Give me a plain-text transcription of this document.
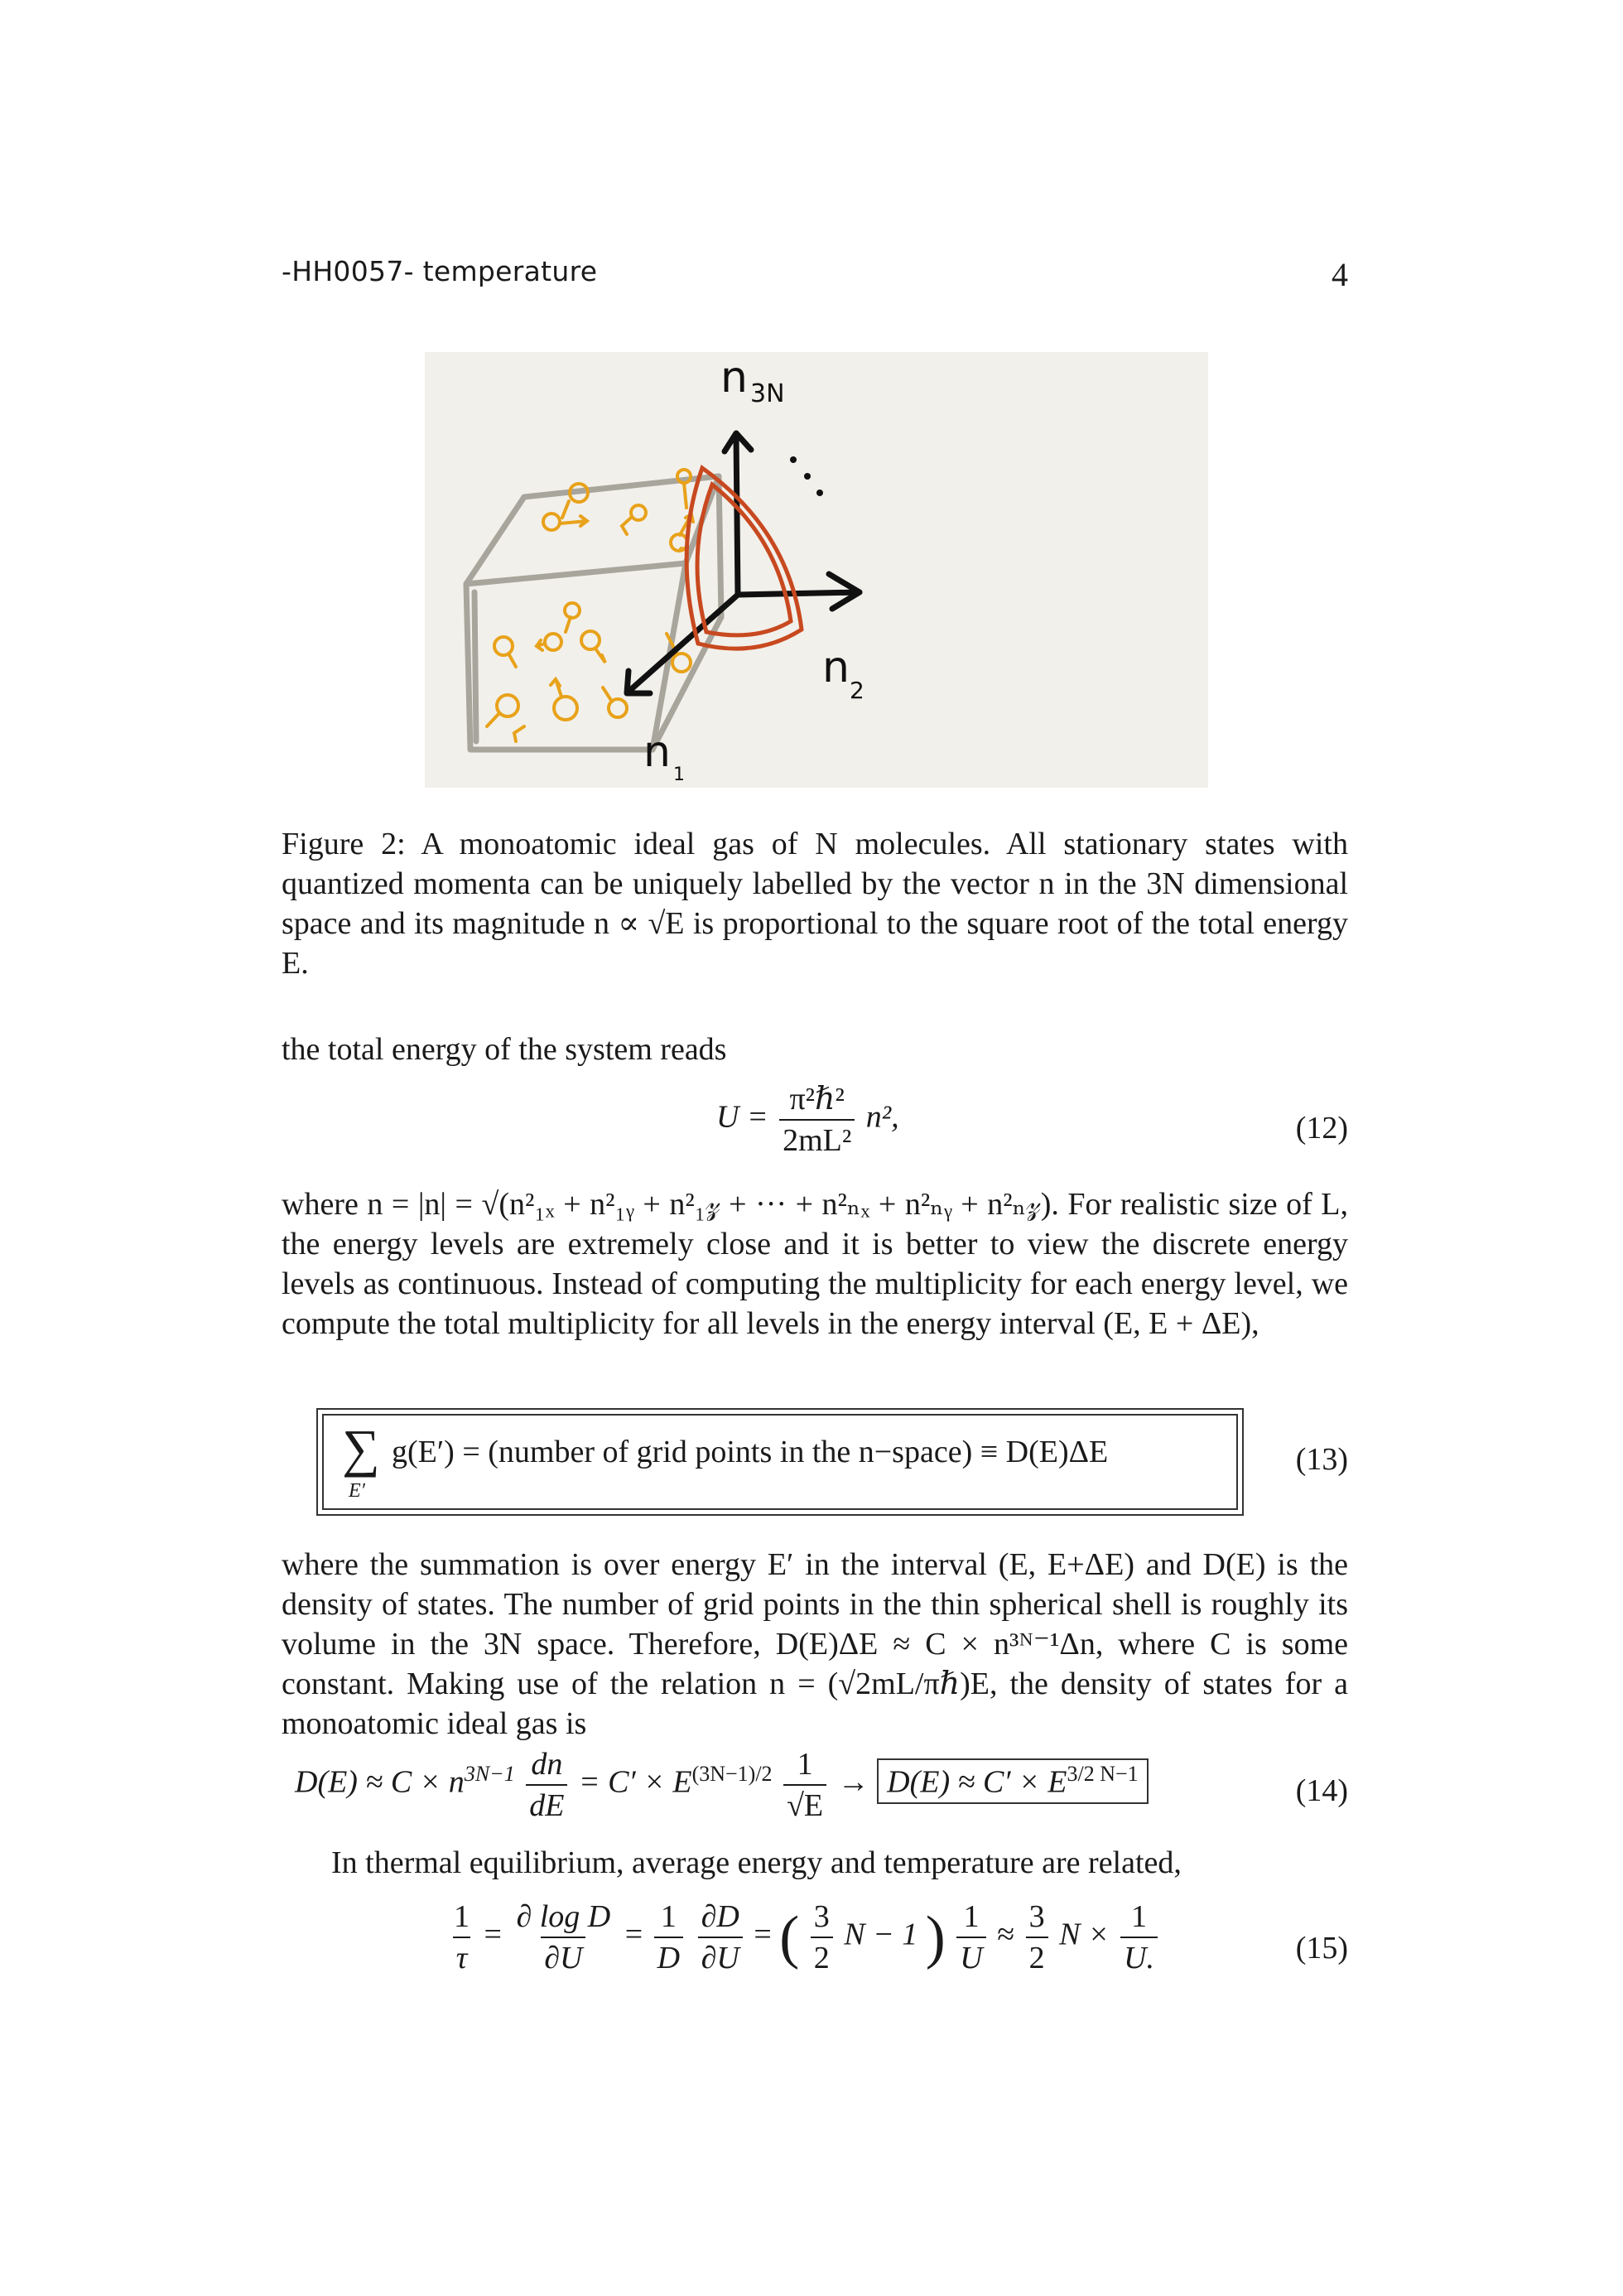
-HH0057- temperature	4
n 3N
n 2
n 1
Figure 2: A monoatomic ideal gas of N molecules. All stationary states with quantized momenta can be uniquely labelled by the vector n in the 3N dimensional space and its magnitude n ∝ √E is proportional to the square root of the total energy E.
the total energy of the system reads
$U = \frac{\text{π²ℏ²}}{\text{2mL²}} n^2$,	(12)
where n = |n| = √(n²₁ₓ + n²₁ᵧ + n²₁𝓏 + ··· + n²ₙₓ + n²ₙᵧ + n²ₙ𝓏). For realistic size of L, the energy levels are extremely close and it is better to view the discrete energy levels as continuous. Instead of computing the multiplicity for each energy level, we compute the total multiplicity for all levels in the energy interval (E, E + ΔE),
∑
E′
g(E′) = (number of grid points in the n−space) ≡ D(E)ΔE	(13)
where the summation is over energy E′ in the interval (E, E+ΔE) and D(E) is the density of states. The number of grid points in the thin spherical shell is roughly its volume in the 3N space. Therefore, D(E)ΔE ≈ C × n³ᴺ⁻¹Δn, where C is some constant. Making use of the relation n = (√2mL/πℏ)E, the density of states for a monoatomic ideal gas is
$D(E) \approx C \times n^{3N-1} \frac{dn}{dE} = C' \times E^{(3N-1)/2} \frac{1}{√E} \to D(E) \approx C' \times E^{3/2 N-1}$	(14)
In thermal equilibrium, average energy and temperature are related,
$\frac{1}{\tau} = \frac{\text{∂ log D}}{\partial U} = \frac{1}{D}$
$\frac{\partial D}{\partial U}$ = ( $\frac{3}{2}$ N − 1 ) $\frac{1}{U} \approx \frac{3}{2}$ $N \times \frac{1}{U.}$	(15)
